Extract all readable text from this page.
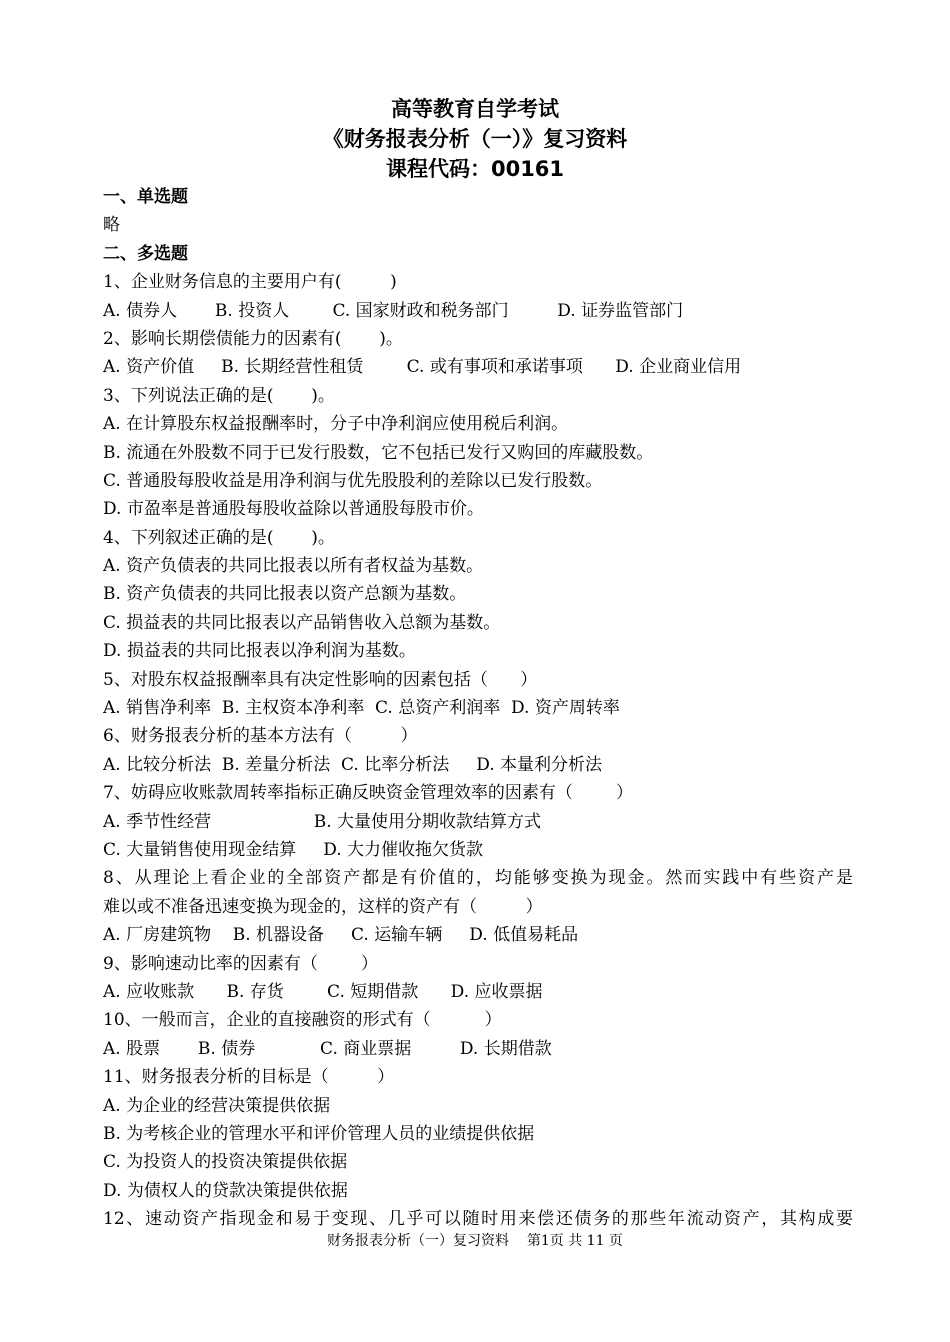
高等教育自学考试
《财务报表分析（一）》复习资料
课程代码：00161
一、单选题
略
二、多选题
1、企业财务信息的主要用户有(         )
A. 债券人       B. 投资人        C. 国家财政和税务部门         D. 证券监管部门
2、影响长期偿债能力的因素有(       )。
A. 资产价值     B. 长期经营性租赁        C. 或有事项和承诺事项      D. 企业商业信用
3、下列说法正确的是(       )。
A. 在计算股东权益报酬率时，分子中净利润应使用税后利润。
B. 流通在外股数不同于已发行股数，它不包括已发行又购回的库藏股数。
C. 普通股每股收益是用净利润与优先股股利的差除以已发行股数。
D. 市盈率是普通股每股收益除以普通股每股市价。
4、下列叙述正确的是(       )。
A. 资产负债表的共同比报表以所有者权益为基数。
B. 资产负债表的共同比报表以资产总额为基数。
C. 损益表的共同比报表以产品销售收入总额为基数。
D. 损益表的共同比报表以净利润为基数。
5、对股东权益报酬率具有决定性影响的因素包括（      ）
A. 销售净利率  B. 主权资本净利率  C. 总资产利润率  D. 资产周转率
6、财务报表分析的基本方法有（         ）
A. 比较分析法  B. 差量分析法  C. 比率分析法     D. 本量利分析法
7、妨碍应收账款周转率指标正确反映资金管理效率的因素有（        ）
A. 季节性经营                   B. 大量使用分期收款结算方式
C. 大量销售使用现金结算     D. 大力催收拖欠货款
8、从理论上看企业的全部资产都是有价值的，均能够变换为现金。然而实践中有些资产是
难以或不准备迅速变换为现金的，这样的资产有（         ）
A. 厂房建筑物    B. 机器设备     C. 运输车辆     D. 低值易耗品
9、影响速动比率的因素有（        ）
A. 应收账款      B. 存货        C. 短期借款      D. 应收票据
10、一般而言，企业的直接融资的形式有（          ）
A. 股票       B. 债券            C. 商业票据         D. 长期借款
11、财务报表分析的目标是（         ）
A. 为企业的经营决策提供依据
B. 为考核企业的管理水平和评价管理人员的业绩提供依据
C. 为投资人的投资决策提供依据
D. 为债权人的贷款决策提供依据
12、速动资产指现金和易于变现、几乎可以随时用来偿还债务的那些年流动资产，其构成要
财务报表分析（一）复习资料    第1页 共 11 页
